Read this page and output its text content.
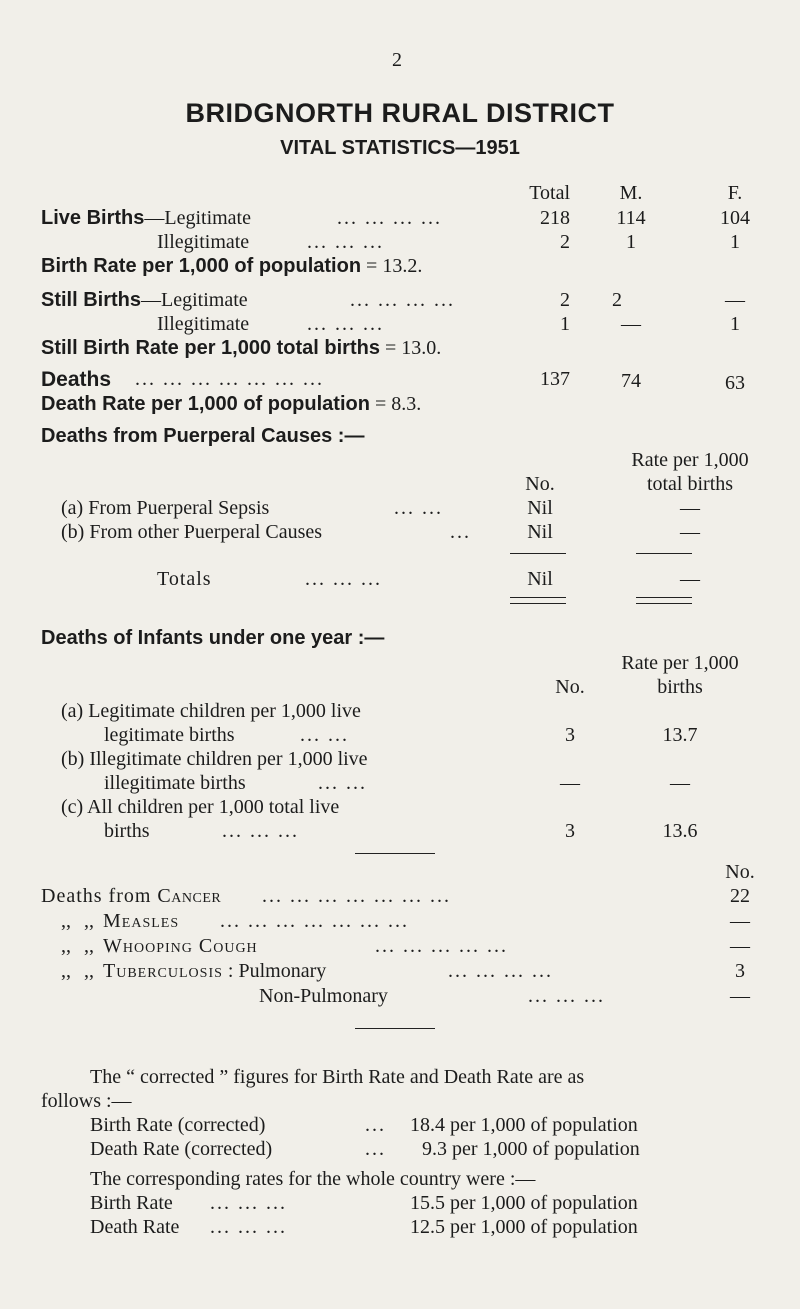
2
BRIDGNORTH RURAL DISTRICT
VITAL STATISTICS—1951
Total	M.	F.
Live Births—Legitimate	... ... ... ...	218	114	104
Illegitimate	... ... ...	2	1	1
Birth Rate per 1,000 of population = 13.2.
Still Births—Legitimate	... ... ... ...	2	2	—
Illegitimate	... ... ...	1	—	1
Still Birth Rate per 1,000 total births = 13.0.
Deaths ... ... ... ... ... ... ...	137	74	63
Death Rate per 1,000 of population = 8.3.
Deaths from Puerperal Causes :—
Rate per 1,000
No.	total births
(a) From Puerperal Sepsis	... ...	Nil	—
(b) From other Puerperal Causes	...	Nil	—
Totals	... ... ...	Nil	—
Deaths of Infants under one year :—
Rate per 1,000
No.	births
(a) Legitimate children per 1,000 live
legitimate births	... ...	3	13.7
(b) Illegitimate children per 1,000 live
illegitimate births	... ...	—	—
(c) All children per 1,000 total live
births	... ... ...	3	13.6
No.
Deaths from Cancer ... ... ... ... ... ... ...	22
,, ,, Measles ... ... ... ... ... ... ...	—
,, ,, Whooping Cough	... ... ... ... ...	—
,, ,, Tuberculosis : Pulmonary	... ... ... ...	3
Non-Pulmonary	... ... ...	—
The “ corrected ” figures for Birth Rate and Death Rate are as
follows :—
Birth Rate (corrected)	... 18.4 per 1,000 of population
Death Rate (corrected)	... 9.3 per 1,000 of population
The corresponding rates for the whole country were :—
Birth Rate ... ... ...	15.5 per 1,000 of population
Death Rate ... ... ...	12.5 per 1,000 of population
